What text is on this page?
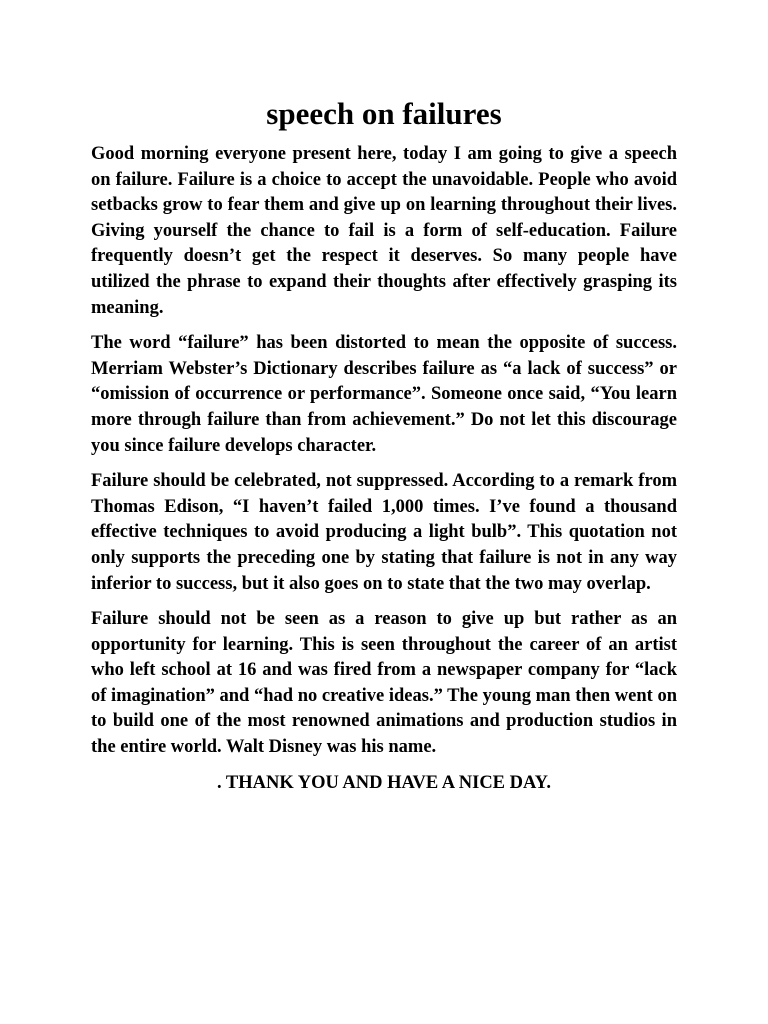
speech on failures

Good morning everyone present here, today I am going to give a speech on failure. Failure is a choice to accept the unavoidable. People who avoid setbacks grow to fear them and give up on learning throughout their lives. Giving yourself the chance to fail is a form of self-education. Failure frequently doesn’t get the respect it deserves. So many people have utilized the phrase to expand their thoughts after effectively grasping its meaning.

The word “failure” has been distorted to mean the opposite of success. Merriam Webster’s Dictionary describes failure as “a lack of success” or “omission of occurrence or performance”. Someone once said, “You learn more through failure than from achievement.” Do not let this discourage you since failure develops character.

Failure should be celebrated, not suppressed. According to a remark from Thomas Edison, “I haven’t failed 1,000 times. I’ve found a thousand effective techniques to avoid producing a light bulb”. This quotation not only supports the preceding one by stating that failure is not in any way inferior to success, but it also goes on to state that the two may overlap.

Failure should not be seen as a reason to give up but rather as an opportunity for learning. This is seen throughout the career of an artist who left school at 16 and was fired from a newspaper company for “lack of imagination” and “had no creative ideas.” The young man then went on to build one of the most renowned animations and production studios in the entire world. Walt Disney was his name.

. THANK YOU AND HAVE A NICE DAY.
